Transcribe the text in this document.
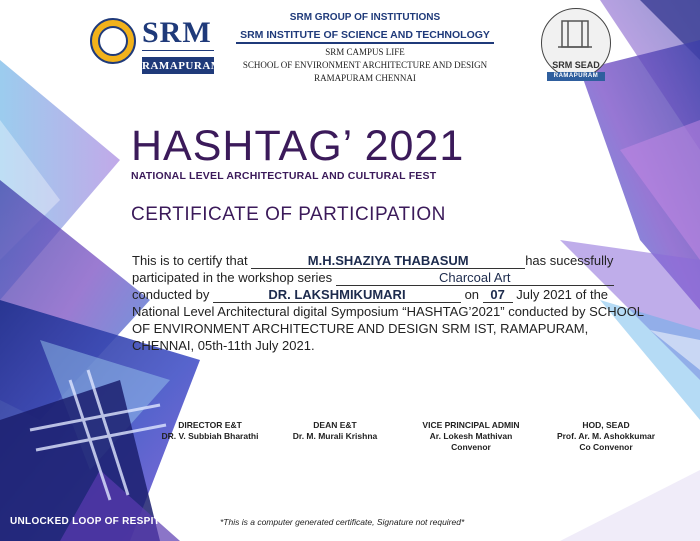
SRM
RAMAPURAM
SRM GROUP OF INSTITUTIONS
SRM INSTITUTE OF SCIENCE AND TECHNOLOGY
SRM CAMPUS LIFE
SCHOOL OF ENVIRONMENT ARCHITECTURE AND DESIGN
RAMAPURAM CHENNAI
SRM SEAD
RAMAPURAM
HASHTAG’ 2021
NATIONAL LEVEL ARCHITECTURAL AND CULTURAL FEST
CERTIFICATE OF PARTICIPATION
This is to certify that	M.H.SHAZIYA THABASUM	has sucessfully
participated in the workshop series	Charcoal Art
conducted by	DR. LAKSHMIKUMARI	on 07 July 2021 of the National Level Architectural digital Symposium “HASHTAG’2021” conducted by SCHOOL OF ENVIRONMENT ARCHITECTURE AND DESIGN SRM IST, RAMAPURAM, CHENNAI, 05th-11th July 2021.
DIRECTOR E&T
DR. V. Subbiah Bharathi
DEAN E&T
Dr. M. Murali Krishna
VICE PRINCIPAL ADMIN
Ar. Lokesh Mathivan
Convenor
HOD, SEAD
Prof. Ar. M. Ashokkumar
Co Convenor
UNLOCKED LOOP OF RESPITE	*This is a computer generated certificate, Signature not required*
